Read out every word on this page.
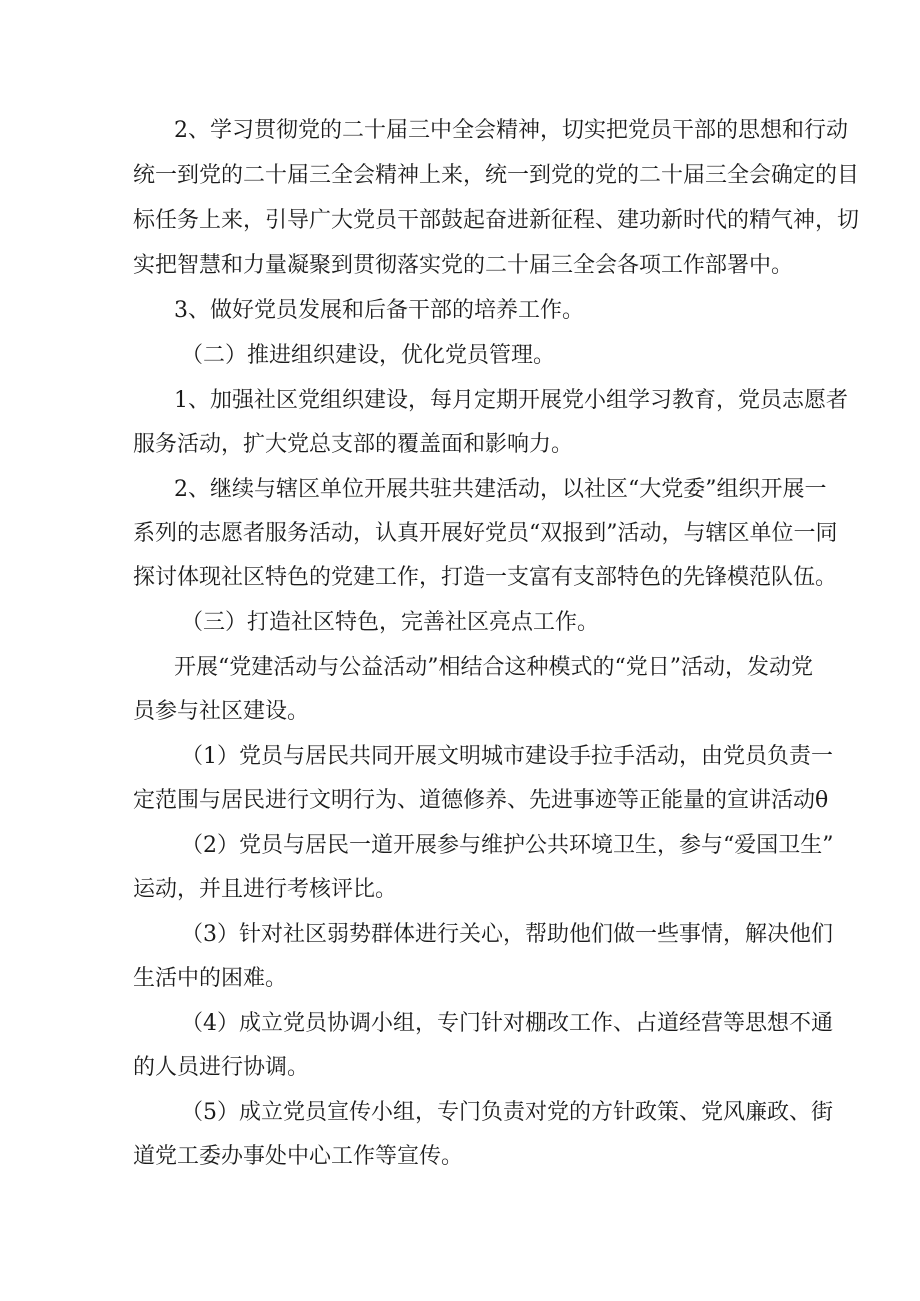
2、学习贯彻党的二十届三中全会精神，切实把党员干部的思想和行动
统一到党的二十届三全会精神上来，统一到党的党的二十届三全会确定的目
标任务上来，引导广大党员干部鼓起奋进新征程、建功新时代的精气神，切
实把智慧和力量凝聚到贯彻落实党的二十届三全会各项工作部署中。
3、做好党员发展和后备干部的培养工作。
（二）推进组织建设，优化党员管理。
1、加强社区党组织建设，每月定期开展党小组学习教育，党员志愿者
服务活动，扩大党总支部的覆盖面和影响力。
2、继续与辖区单位开展共驻共建活动，以社区“大党委”组织开展一
系列的志愿者服务活动，认真开展好党员“双报到”活动，与辖区单位一同
探讨体现社区特色的党建工作，打造一支富有支部特色的先锋模范队伍。
（三）打造社区特色，完善社区亮点工作。
开展“党建活动与公益活动”相结合这种模式的“党日”活动，发动党
员参与社区建设。
（1）党员与居民共同开展文明城市建设手拉手活动，由党员负责一
定范围与居民进行文明行为、道德修养、先进事迹等正能量的宣讲活动θ
（2）党员与居民一道开展参与维护公共环境卫生，参与“爱国卫生”
运动，并且进行考核评比。
（3）针对社区弱势群体进行关心，帮助他们做一些事情，解决他们
生活中的困难。
（4）成立党员协调小组，专门针对棚改工作、占道经营等思想不通
的人员进行协调。
（5）成立党员宣传小组，专门负责对党的方针政策、党风廉政、街
道党工委办事处中心工作等宣传。
